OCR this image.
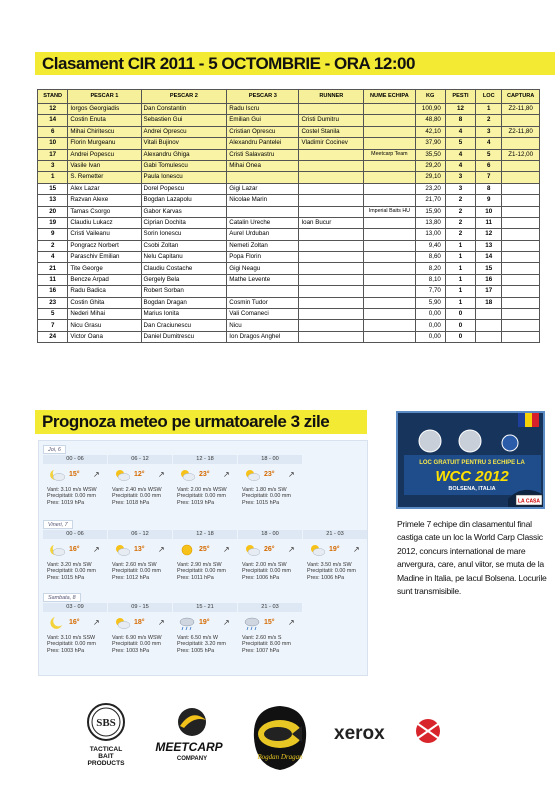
Clasament CIR 2011 - 5 OCTOMBRIE - ORA 12:00
STAND	PESCAR 1	PESCAR 2	PESCAR 3	RUNNER	NUME ECHIPA	KG	PESTI	LOC	CAPTURA
12	Iorgos Georgiadis	Dan Constantin	Radu Iscru			100,90	12	1	Z2-11,80
14	Costin Enuta	Sebastien Gui	Emilian Gui	Cristi Dumitru		48,80	8	2	
6	Mihai Chiritescu	Andrei Oprescu	Cristian Oprescu	Costel Stanila		42,10	4	3	Z2-11,80
10	Florin Murgeanu	Vitali Bujinov	Alexandru Pantelei	Vladimir Cocinev		37,90	5	4	
17	Andrei Popescu	Alexandru Ghiga	Cristi Salavastru		Meetcarp Team	35,50	4	5	Z1-12,00
3	Vasile Ivan	Gabi Tomulescu	Mihai Onea			29,20	4	6	
1	S. Remetter	Paula Ionescu				29,10	3	7	
15	Alex Lazar	Dorel Popescu	Gigi Lazar			23,20	3	8	
13	Razvan Alexe	Bogdan Lazapolu	Nicolae Marin			21,70	2	9	
20	Tamas Csorgo	Gabor Karvas			Imperial Baits HU	15,90	2	10	
19	Claudiu Lukacz	Ciprian Dochita	Catalin Ureche	Ioan Bucur		13,80	2	11	
9	Cristi Vaileanu	Sorin Ionescu	Aurel Urduban			13,00	2	12	
2	Pongracz Norbert	Csobi Zoltan	Nemeti Zoltan			9,40	1	13	
4	Paraschiv Emilian	Nelu Capitanu	Popa Florin			8,60	1	14	
21	Tite George	Claudiu Costache	Gigi Neagu			8,20	1	15	
11	Bencze Arpad	Gergely Bela	Mathe Levente			8,10	1	16	
16	Radu Badica	Robert Sorban				7,70	1	17	
23	Costin Ghita	Bogdan Dragan	Cosmin Tudor			5,90	1	18	
5	Nederi Mihai	Marius Ionita	Vali Comaneci			0,00	0		
7	Nicu Grasu	Dan Craciunescu	Nicu			0,00	0		
24	Victor Oana	Daniel Dumitrescu	Ion Dragos Anghel			0,00	0		
Prognoza meteo pe urmatoarele 3 zile
Joi, 6
00 - 06
15° ↗
Vant: 3.10 m/s WSW
Precipitatii: 0.00 mm
Pres: 1019 hPa
06 - 12
12° ↗
Vant: 2.40 m/s WSW
Precipitatii: 0.00 mm
Pres: 1018 hPa
12 - 18
23° ↗
Vant: 2.00 m/s WSW
Precipitatii: 0.00 mm
Pres: 1019 hPa
18 - 00
23° ↗
Vant: 1.80 m/s SW
Precipitatii: 0.00 mm
Pres: 1015 hPa
Vineri, 7
00 - 06
16° ↗
Vant: 3.20 m/s SW
Precipitatii: 0.00 mm
Pres: 1015 hPa
06 - 12
13° ↗
Vant: 2.60 m/s SW
Precipitatii: 0.00 mm
Pres: 1012 hPa
12 - 18
25° ↗
Vant: 2.90 m/s SW
Precipitatii: 0.00 mm
Pres: 1011 hPa
18 - 00
26° ↗
Vant: 2.00 m/s SW
Precipitatii: 0.00 mm
Pres: 1006 hPa
21 - 03
19° ↗
Vant: 3.50 m/s SW
Precipitatii: 0.00 mm
Pres: 1006 hPa
Sambata, 8
03 - 09
16° ↗
Vant: 3.10 m/s SSW
Precipitatii: 0.00 mm
Pres: 1003 hPa
09 - 15
18° ↗
Vant: 6.90 m/s WSW
Precipitatii: 0.00 mm
Pres: 1003 hPa
15 - 21
19° ↗
Vant: 6.50 m/s W
Precipitatii: 3.20 mm
Pres: 1005 hPa
21 - 03
15° ↗
Vant: 2.60 m/s S
Precipitatii: 8.00 mm
Pres: 1007 hPa
LOC GRATUIT PENTRU 3 ECHIPE LA
WCC 2012
BOLSENA, ITALIA
LA CASA
Primele 7 echipe din clasamentul final castiga cate un loc la World Carp Classic 2012, concurs international de mare anvergura, care, anul viitor, se muta de la Madine in Italia, pe lacul Bolsena. Locurile sunt transmisibile.
SBS
TACTICAL
BAIT
PRODUCTS
MEETCARP
COMPANY	Bogdan Dragan
xerox
